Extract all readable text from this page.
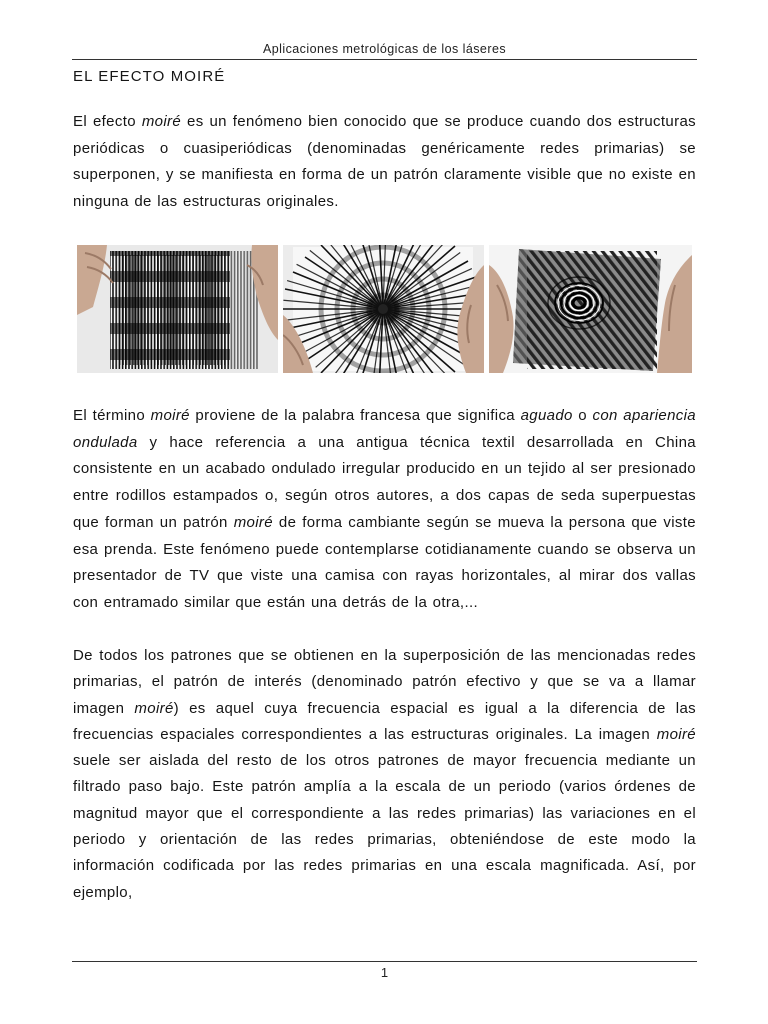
Aplicaciones metrológicas de los láseres
EL EFECTO MOIRÉ

El efecto moiré es un fenómeno bien conocido que se produce cuando dos estructuras periódicas o cuasiperiódicas (denominadas genéricamente redes primarias) se superponen, y se manifiesta en forma de un patrón claramente visible que no existe en ninguna de las estructuras originales.

El término moiré proviene de la palabra francesa que significa aguado o con apariencia ondulada y hace referencia a una antigua técnica textil desarrollada en China consistente en un acabado ondulado irregular producido en un tejido al ser presionado entre rodillos estampados o, según otros autores, a dos capas de seda superpuestas que forman un patrón moiré de forma cambiante según se mueva la persona que viste esa prenda. Este fenómeno puede contemplarse cotidianamente cuando se observa un presentador de TV que viste una camisa con rayas horizontales, al mirar dos vallas con entramado similar que están una detrás de la otra,...

De todos los patrones que se obtienen en la superposición de las mencionadas redes primarias, el patrón de interés (denominado patrón efectivo y que se va a llamar imagen moiré) es aquel cuya frecuencia espacial es igual a la diferencia de las frecuencias espaciales correspondientes a las estructuras originales. La imagen moiré suele ser aislada del resto de los otros patrones de mayor frecuencia mediante un filtrado paso bajo. Este patrón amplía a la escala de un periodo (varios órdenes de magnitud mayor que el correspondiente a las redes primarias) las variaciones en el periodo y orientación de las redes primarias, obteniéndose de este modo la información codificada por las redes primarias en una escala magnificada. Así, por ejemplo,

1
